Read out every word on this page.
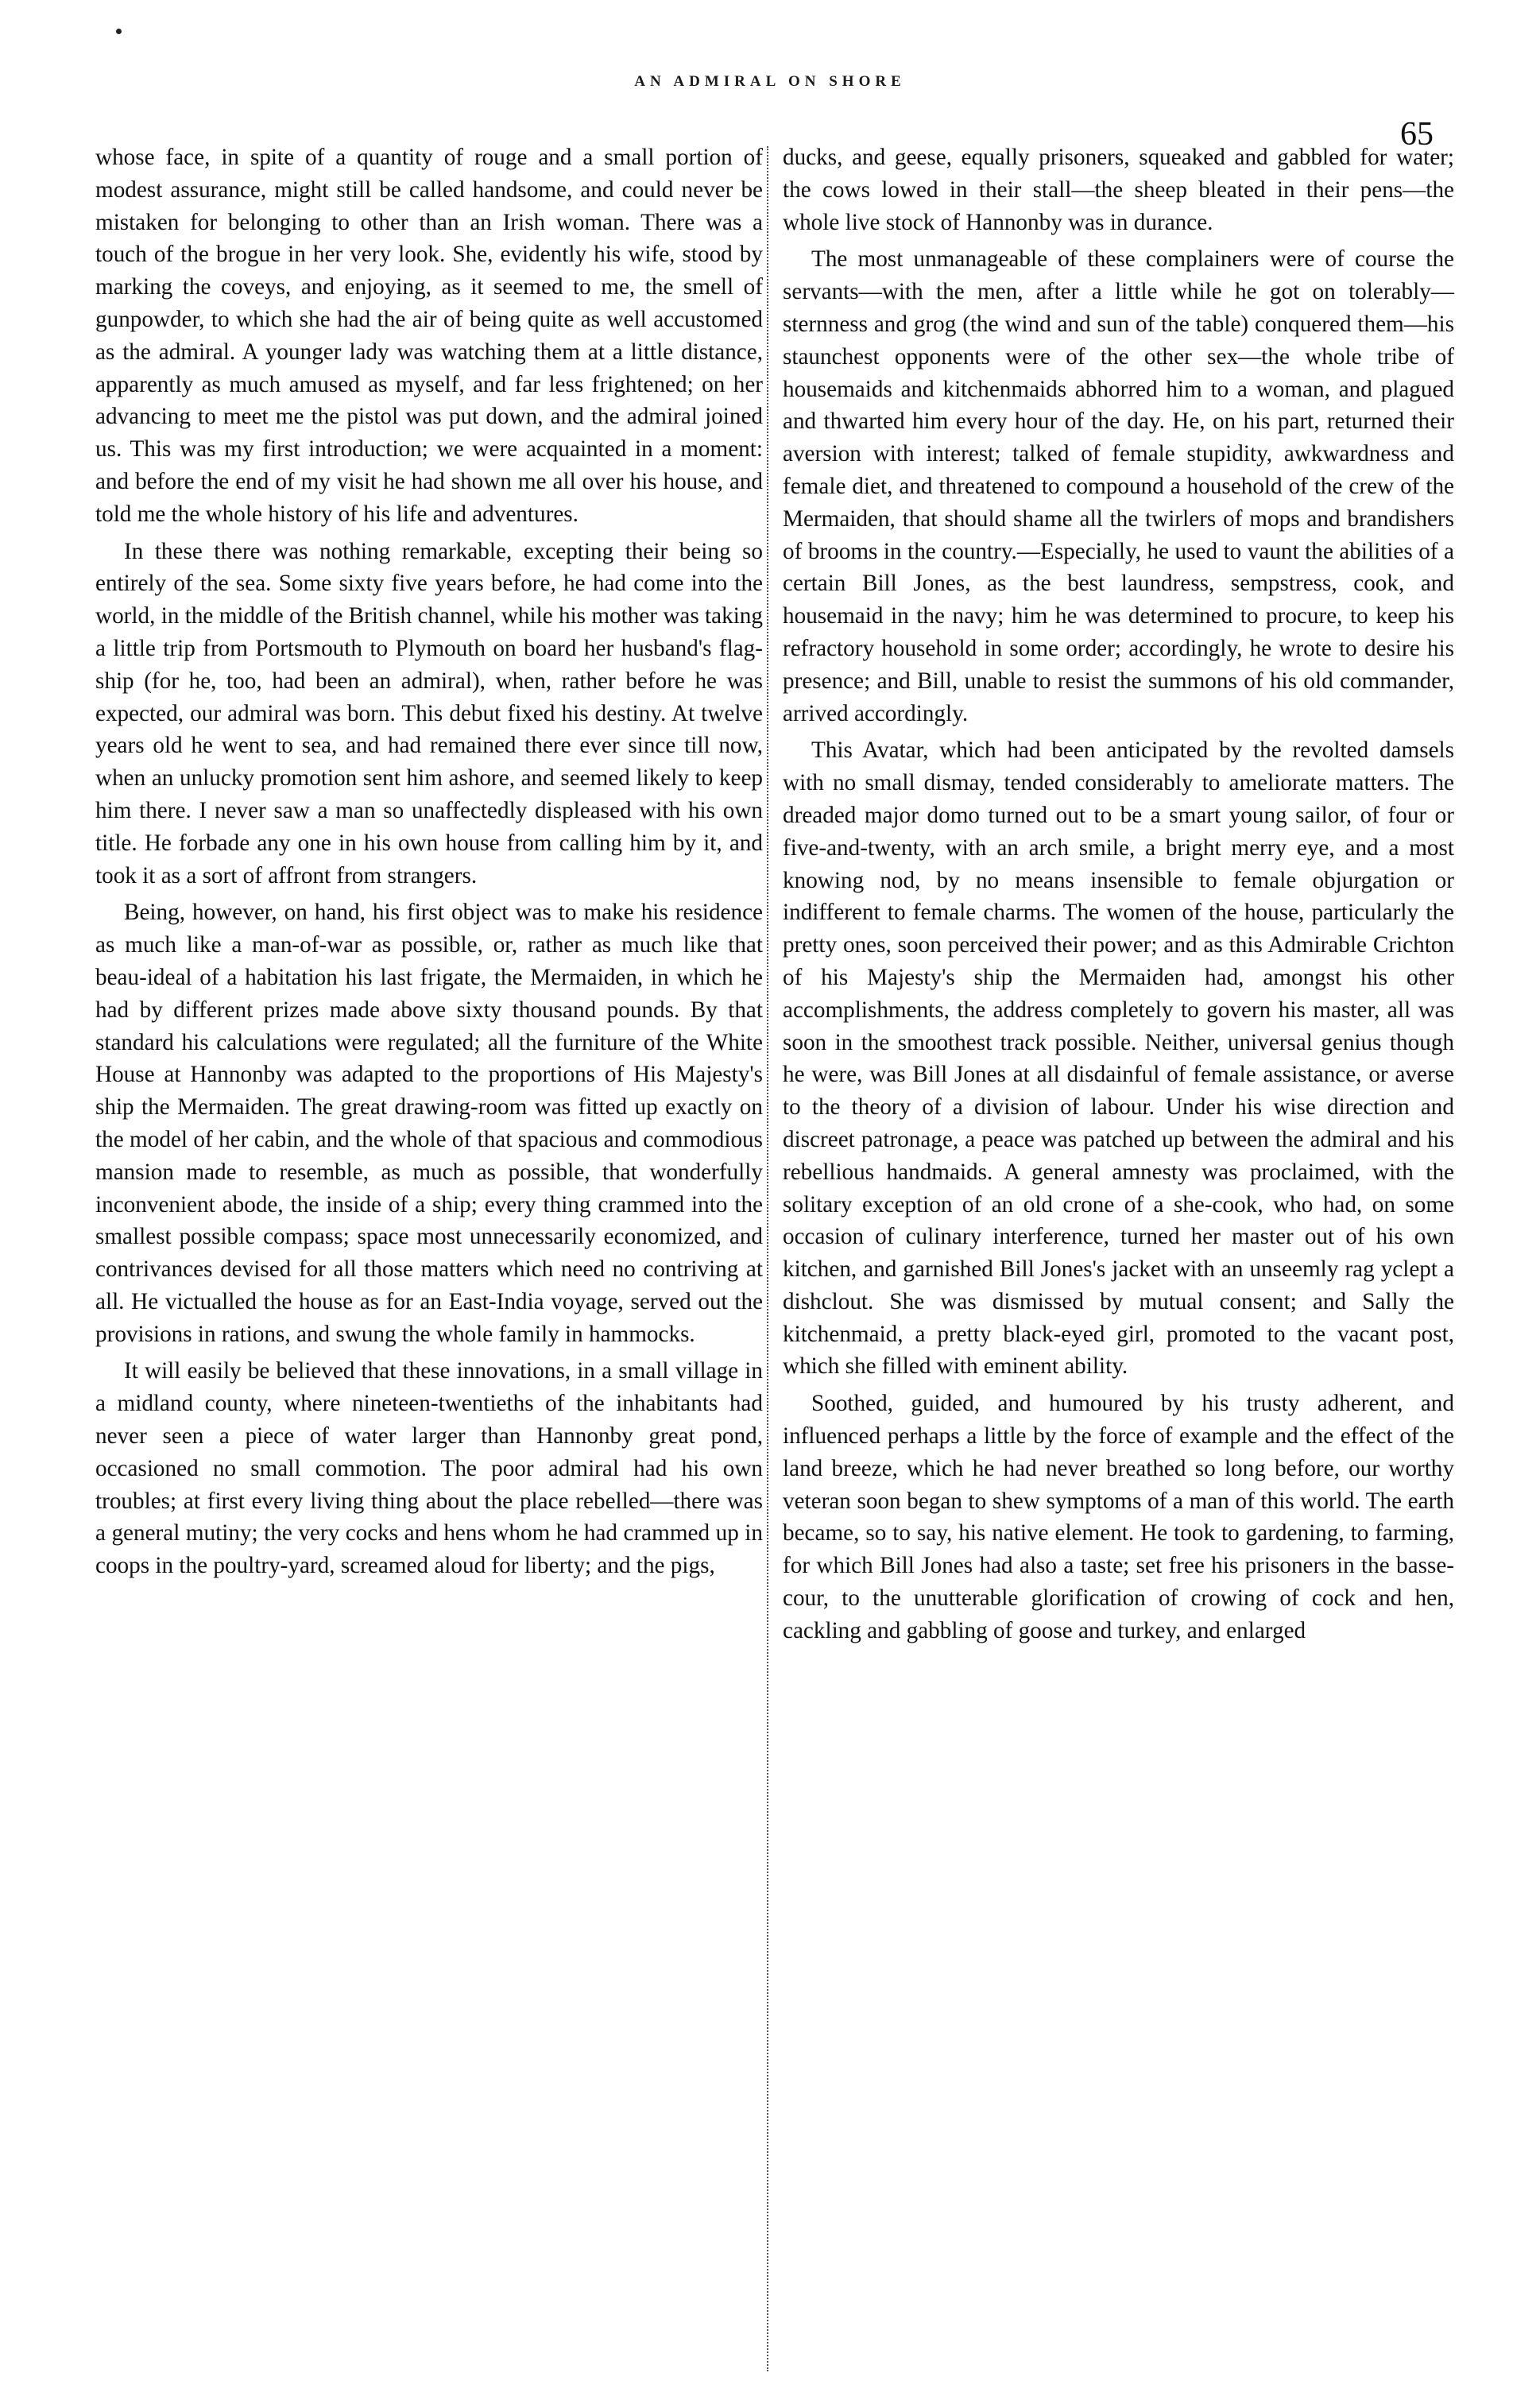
AN ADMIRAL ON SHORE
65

whose face, in spite of a quantity of rouge and a small portion of modest assurance, might still be called handsome, and could never be mistaken for belonging to other than an Irish woman. There was a touch of the brogue in her very look. She, evidently his wife, stood by marking the coveys, and enjoying, as it seemed to me, the smell of gunpowder, to which she had the air of being quite as well accustomed as the admiral. A younger lady was watching them at a little distance, apparently as much amused as myself, and far less frightened; on her advancing to meet me the pistol was put down, and the admiral joined us. This was my first introduction; we were acquainted in a moment: and before the end of my visit he had shown me all over his house, and told me the whole history of his life and adventures.

In these there was nothing remarkable, excepting their being so entirely of the sea. Some sixty five years before, he had come into the world, in the middle of the British channel, while his mother was taking a little trip from Portsmouth to Plymouth on board her husband's flag-ship (for he, too, had been an admiral), when, rather before he was expected, our admiral was born. This debut fixed his destiny. At twelve years old he went to sea, and had remained there ever since till now, when an unlucky promotion sent him ashore, and seemed likely to keep him there. I never saw a man so unaffectedly displeased with his own title. He forbade any one in his own house from calling him by it, and took it as a sort of affront from strangers.

Being, however, on hand, his first object was to make his residence as much like a man-of-war as possible, or, rather as much like that beau-ideal of a habitation his last frigate, the Mermaiden, in which he had by different prizes made above sixty thousand pounds. By that standard his calculations were regulated; all the furniture of the White House at Hannonby was adapted to the proportions of His Majesty's ship the Mermaiden. The great drawing-room was fitted up exactly on the model of her cabin, and the whole of that spacious and commodious mansion made to resemble, as much as possible, that wonderfully inconvenient abode, the inside of a ship; every thing crammed into the smallest possible compass; space most unnecessarily economized, and contrivances devised for all those matters which need no contriving at all. He victualled the house as for an East-India voyage, served out the provisions in rations, and swung the whole family in hammocks.

It will easily be believed that these innovations, in a small village in a midland county, where nineteen-twentieths of the inhabitants had never seen a piece of water larger than Hannonby great pond, occasioned no small commotion. The poor admiral had his own troubles; at first every living thing about the place rebelled—there was a general mutiny; the very cocks and hens whom he had crammed up in coops in the poultry-yard, screamed aloud for liberty; and the pigs,

ducks, and geese, equally prisoners, squeaked and gabbled for water; the cows lowed in their stall—the sheep bleated in their pens—the whole live stock of Hannonby was in durance.

The most unmanageable of these complainers were of course the servants—with the men, after a little while he got on tolerably—sternness and grog (the wind and sun of the table) conquered them—his staunchest opponents were of the other sex—the whole tribe of housemaids and kitchenmaids abhorred him to a woman, and plagued and thwarted him every hour of the day. He, on his part, returned their aversion with interest; talked of female stupidity, awkwardness and female diet, and threatened to compound a household of the crew of the Mermaiden, that should shame all the twirlers of mops and brandishers of brooms in the country.—Especially, he used to vaunt the abilities of a certain Bill Jones, as the best laundress, sempstress, cook, and housemaid in the navy; him he was determined to procure, to keep his refractory household in some order; accordingly, he wrote to desire his presence; and Bill, unable to resist the summons of his old commander, arrived accordingly.

This Avatar, which had been anticipated by the revolted damsels with no small dismay, tended considerably to ameliorate matters. The dreaded major domo turned out to be a smart young sailor, of four or five-and-twenty, with an arch smile, a bright merry eye, and a most knowing nod, by no means insensible to female objurgation or indifferent to female charms. The women of the house, particularly the pretty ones, soon perceived their power; and as this Admirable Crichton of his Majesty's ship the Mermaiden had, amongst his other accomplishments, the address completely to govern his master, all was soon in the smoothest track possible. Neither, universal genius though he were, was Bill Jones at all disdainful of female assistance, or averse to the theory of a division of labour. Under his wise direction and discreet patronage, a peace was patched up between the admiral and his rebellious handmaids. A general amnesty was proclaimed, with the solitary exception of an old crone of a she-cook, who had, on some occasion of culinary interference, turned her master out of his own kitchen, and garnished Bill Jones's jacket with an unseemly rag yclept a dishclout. She was dismissed by mutual consent; and Sally the kitchenmaid, a pretty black-eyed girl, promoted to the vacant post, which she filled with eminent ability.

Soothed, guided, and humoured by his trusty adherent, and influenced perhaps a little by the force of example and the effect of the land breeze, which he had never breathed so long before, our worthy veteran soon began to shew symptoms of a man of this world. The earth became, so to say, his native element. He took to gardening, to farming, for which Bill Jones had also a taste; set free his prisoners in the basse-cour, to the unutterable glorification of crowing of cock and hen, cackling and gabbling of goose and turkey, and enlarged
